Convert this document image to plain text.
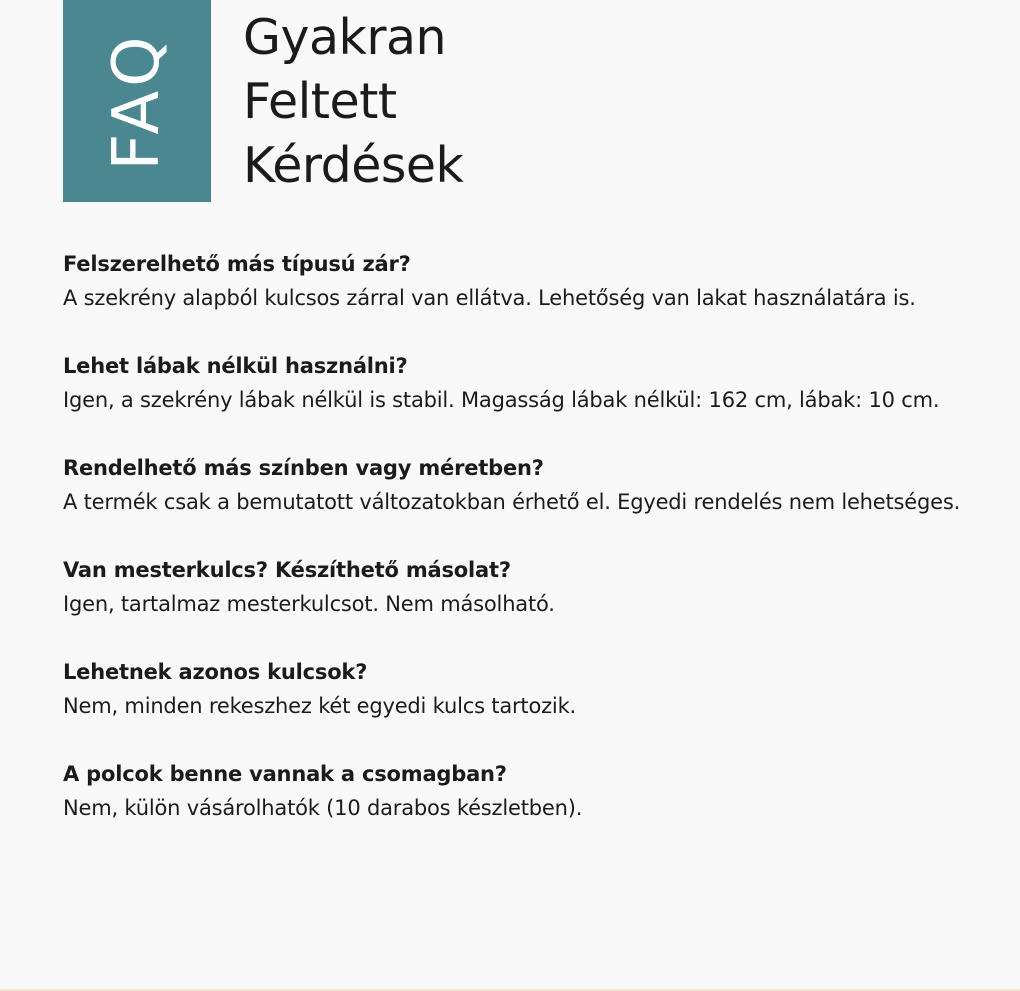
FAQ Gyakran
Feltett
Kérdések

Felszerelhető más típusú zár?

A szekrény alapból kulcsos zárral van ellátva. Lehetőség van lakat használatára is.

Lehet lábak nélkül használni?

Igen, a szekrény lábak nélkül is stabil. Magasság lábak nélkül: 162 cm, lábak: 10 cm.

Rendelhető más színben vagy méretben?

A termék csak a bemutatott változatokban érhető el. Egyedi rendelés nem lehetséges.

Van mesterkulcs? Készíthető másolat?

Igen, tartalmaz mesterkulcsot. Nem másolható.

Lehetnek azonos kulcsok?

Nem, minden rekeszhez két egyedi kulcs tartozik.

A polcok benne vannak a csomagban?

Nem, külön vásárolhatók (10 darabos készletben).
